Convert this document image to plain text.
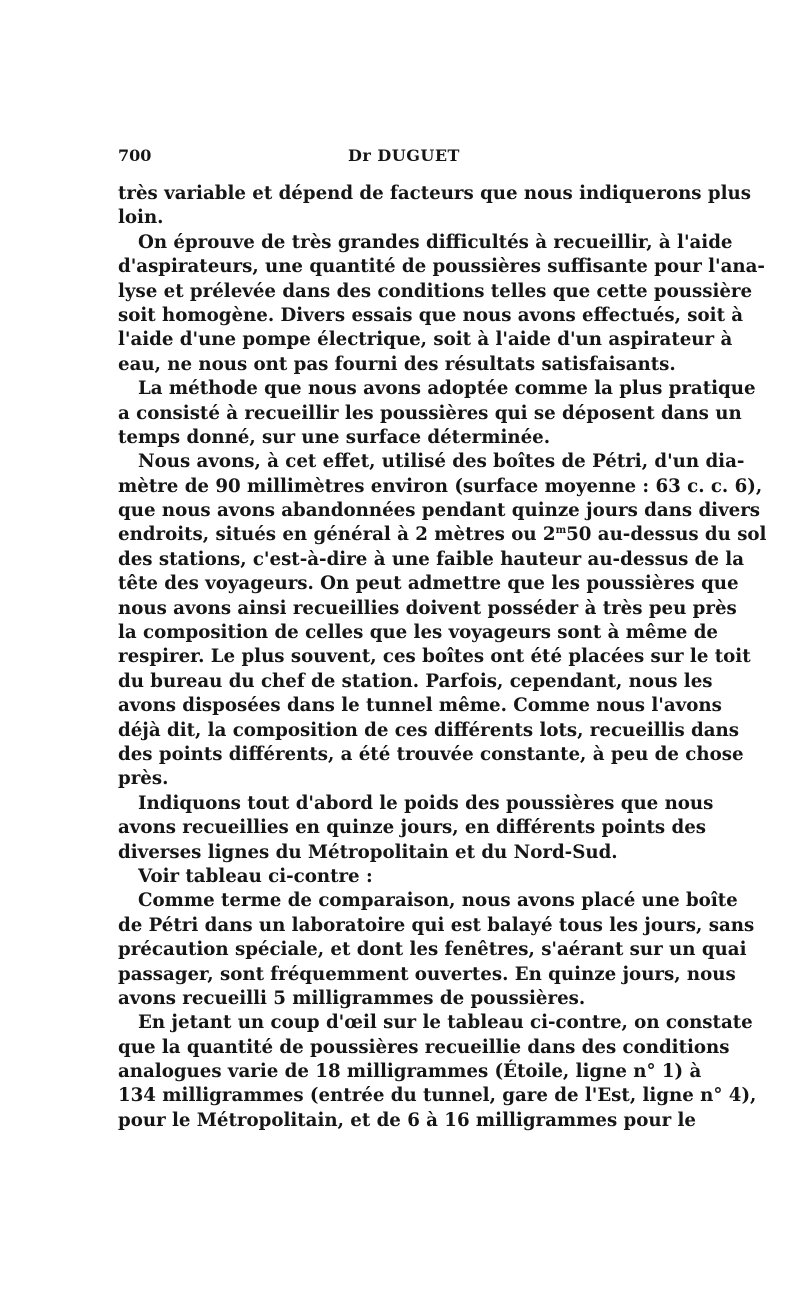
700	Dr DUGUET
très variable et dépend de facteurs que nous indiquerons plus
loin.
On éprouve de très grandes difficultés à recueillir, à l'aide
d'aspirateurs, une quantité de poussières suffisante pour l'ana-
lyse et prélevée dans des conditions telles que cette poussière
soit homogène. Divers essais que nous avons effectués, soit à
l'aide d'une pompe électrique, soit à l'aide d'un aspirateur à
eau, ne nous ont pas fourni des résultats satisfaisants.
La méthode que nous avons adoptée comme la plus pratique
a consisté à recueillir les poussières qui se déposent dans un
temps donné, sur une surface déterminée.
Nous avons, à cet effet, utilisé des boîtes de Pétri, d'un dia-
mètre de 90 millimètres environ (surface moyenne : 63 c. c. 6),
que nous avons abandonnées pendant quinze jours dans divers
endroits, situés en général à 2 mètres ou 2$^m$50 au-dessus du sol
des stations, c'est-à-dire à une faible hauteur au-dessus de la
tête des voyageurs. On peut admettre que les poussières que
nous avons ainsi recueillies doivent posséder à très peu près
la composition de celles que les voyageurs sont à même de
respirer. Le plus souvent, ces boîtes ont été placées sur le toit
du bureau du chef de station. Parfois, cependant, nous les
avons disposées dans le tunnel même. Comme nous l'avons
déjà dit, la composition de ces différents lots, recueillis dans
des points différents, a été trouvée constante, à peu de chose
près.
Indiquons tout d'abord le poids des poussières que nous
avons recueillies en quinze jours, en différents points des
diverses lignes du Métropolitain et du Nord-Sud.
Voir tableau ci-contre :
Comme terme de comparaison, nous avons placé une boîte
de Pétri dans un laboratoire qui est balayé tous les jours, sans
précaution spéciale, et dont les fenêtres, s'aérant sur un quai
passager, sont fréquemment ouvertes. En quinze jours, nous
avons recueilli 5 milligrammes de poussières.
En jetant un coup d'œil sur le tableau ci-contre, on constate
que la quantité de poussières recueillie dans des conditions
analogues varie de 18 milligrammes (Étoile, ligne n° 1) à
134 milligrammes (entrée du tunnel, gare de l'Est, ligne n° 4),
pour le Métropolitain, et de 6 à 16 milligrammes pour le
